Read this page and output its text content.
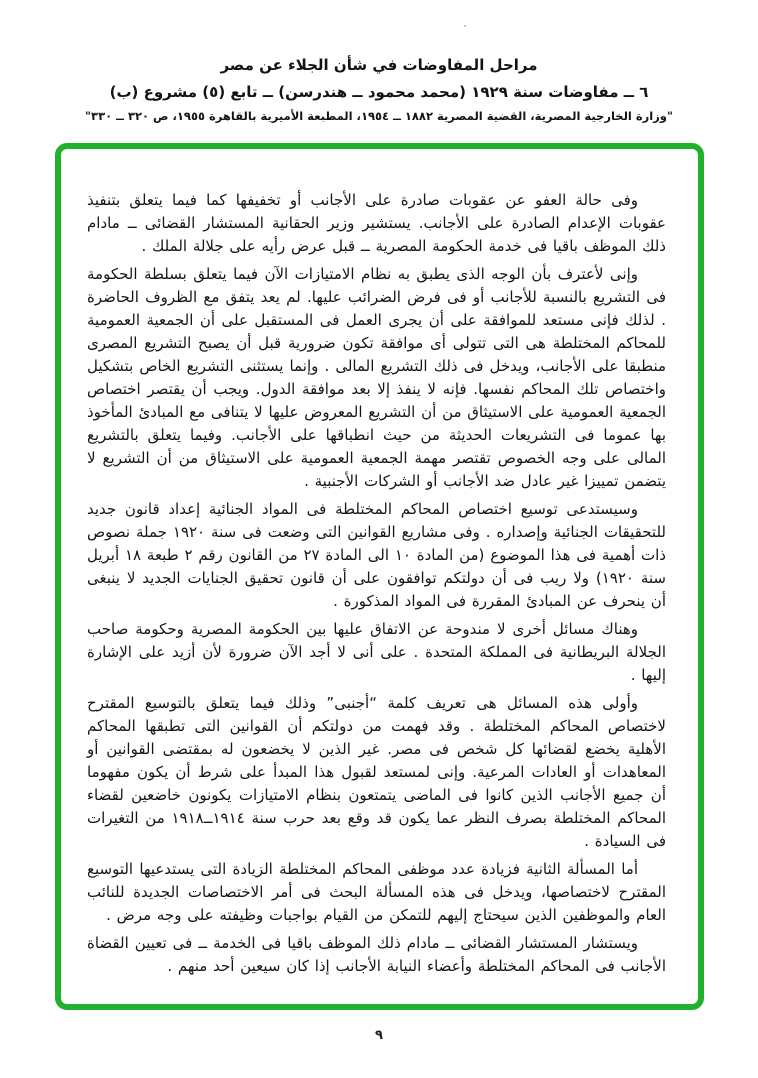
مراحل المفاوضات في شأن الجلاء عن مصر
٦ ــ مفاوضات سنة ١٩٢٩ (محمد محمود ــ هندرسن) ــ تابع (٥) مشروع (ب)
"وزارة الخارجية المصرية، القضية المصرية ١٨٨٢ ــ ١٩٥٤، المطبعة الأميرية بالقاهرة ١٩٥٥، ص ٣٢٠ ــ ٣٣٠"

وفى حالة العفو عن عقوبات صادرة على الأجانب أو تخفيفها كما فيما يتعلق بتنفيذ عقوبات الإعدام الصادرة على الأجانب. يستشير وزير الحقانية المستشار القضائى ــ مادام ذلك الموظف باقيا فى خدمة الحكومة المصرية ــ قبل عرض رأيه على جلالة الملك .

وإنى لأعترف بأن الوجه الذى يطبق به نظام الامتيازات الآن فيما يتعلق بسلطة الحكومة فى التشريع بالنسبة للأجانب أو فى فرض الضرائب عليها. لم يعد يتفق مع الظروف الحاضرة . لذلك فإنى مستعد للموافقة على أن يجرى العمل فى المستقبل على أن الجمعية العمومية للمحاكم المختلطة هى التى تتولى أى موافقة تكون ضرورية قبل أن يصبح التشريع المصرى منطبقا على الأجانب، ويدخل فى ذلك التشريع المالى . وإنما يستثنى التشريع الخاص بتشكيل واختصاص تلك المحاكم نفسها. فإنه لا ينفذ إلا بعد موافقة الدول. ويجب أن يقتصر اختصاص الجمعية العمومية على الاستيثاق من أن التشريع المعروض عليها لا يتنافى مع المبادئ المأخوذ بها عموما فى التشريعات الحديثة من حيث انطباقها على الأجانب. وفيما يتعلق بالتشريع المالى على وجه الخصوص تقتصر مهمة الجمعية العمومية على الاستيثاق من أن التشريع لا يتضمن تمييزا غير عادل ضد الأجانب أو الشركات الأجنبية .

وسيستدعى توسيع اختصاص المحاكم المختلطة فى المواد الجنائية إعداد قانون جديد للتحقيقات الجنائية وإصداره . وفى مشاريع القوانين التى وضعت فى سنة ١٩٢٠ جملة نصوص ذات أهمية فى هذا الموضوع (من المادة ١٠ الى المادة ٢٧ من القانون رقم ٢ طبعة ١٨ أبريل سنة ١٩٢٠) ولا ريب فى أن دولتكم توافقون على أن قانون تحقيق الجنايات الجديد لا ينبغى أن ينحرف عن المبادئ المقررة فى المواد المذكورة .

وهناك مسائل أخرى لا مندوحة عن الاتفاق عليها بين الحكومة المصرية وحكومة صاحب الجلالة البريطانية فى المملكة المتحدة . على أنى لا أجد الآن ضرورة لأن أزيد على الإشارة إليها .

وأولى هذه المسائل هى تعريف كلمة “أجنبى” وذلك فيما يتعلق بالتوسيع المقترح لاختصاص المحاكم المختلطة . وقد فهمت من دولتكم أن القوانين التى تطبقها المحاكم الأهلية يخضع لقضائها كل شخص فى مصر. غير الذين لا يخضعون له بمقتضى القوانين أو المعاهدات أو العادات المرعية. وإنى لمستعد لقبول هذا المبدأ على شرط أن يكون مفهوما أن جميع الأجانب الذين كانوا فى الماضى يتمتعون بنظام الامتيازات يكونون خاضعين لقضاء المحاكم المختلطة بصرف النظر عما يكون قد وقع بعد حرب سنة ١٩١٤ــ١٩١٨ من التغيرات فى السيادة .

أما المسألة الثانية فزيادة عدد موظفى المحاكم المختلطة الزيادة التى يستدعيها التوسيع المقترح لاختصاصها، ويدخل فى هذه المسألة البحث فى أمر الاختصاصات الجديدة للنائب العام والموظفين الذين سيحتاج إليهم للتمكن من القيام بواجبات وظيفته على وجه مرض .

ويستشار المستشار القضائى ــ مادام ذلك الموظف باقيا فى الخدمة ــ فى تعيين القضاة الأجانب فى المحاكم المختلطة وأعضاء النيابة الأجانب إذا كان سيعين أحد منهم .

٩
